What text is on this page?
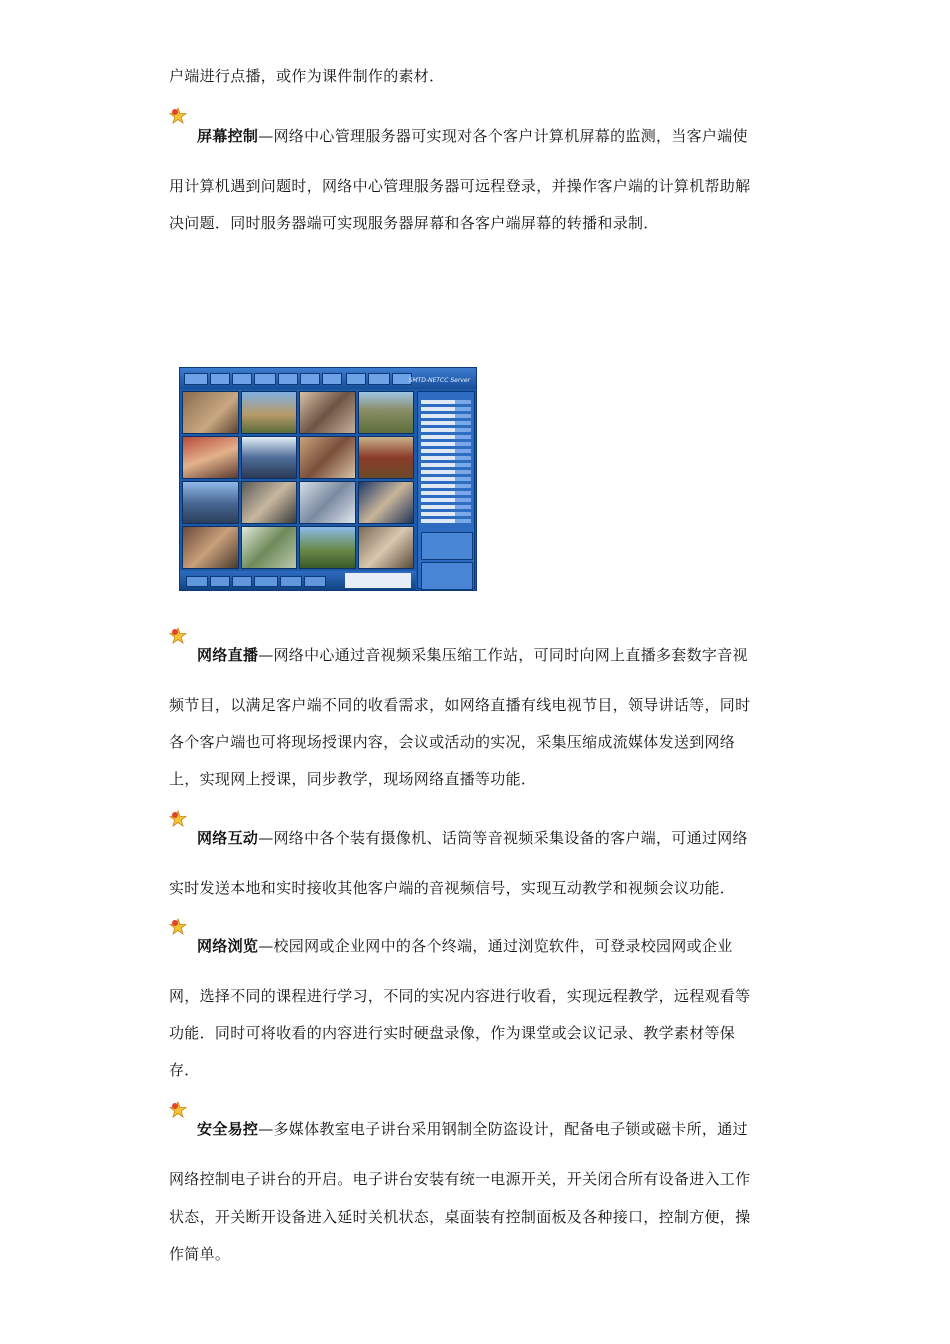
户端进行点播，或作为课件制作的素材．
屏幕控制—网络中心管理服务器可实现对各个客户计算机屏幕的监测，当客户端使
用计算机遇到问题时，网络中心管理服务器可远程登录，并操作客户端的计算机帮助解
决问题．同时服务器端可实现服务器屏幕和各客户端屏幕的转播和录制．
SMTD-NETCC Server
网络直播—网络中心通过音视频采集压缩工作站，可同时向网上直播多套数字音视
频节目，以满足客户端不同的收看需求，如网络直播有线电视节目，领导讲话等，同时
各个客户端也可将现场授课内容，会议或活动的实况，采集压缩成流媒体发送到网络
上，实现网上授课，同步教学，现场网络直播等功能．
网络互动—网络中各个装有摄像机、话筒等音视频采集设备的客户端，可通过网络
实时发送本地和实时接收其他客户端的音视频信号，实现互动教学和视频会议功能．
网络浏览—校园网或企业网中的各个终端，通过浏览软件，可登录校园网或企业
网，选择不同的课程进行学习，不同的实况内容进行收看，实现远程教学，远程观看等
功能．同时可将收看的内容进行实时硬盘录像，作为课堂或会议记录、教学素材等保
存．
安全易控—多媒体教室电子讲台采用钢制全防盗设计，配备电子锁或磁卡所，通过
网络控制电子讲台的开启。电子讲台安装有统一电源开关，开关闭合所有设备进入工作
状态，开关断开设备进入延时关机状态，桌面装有控制面板及各种接口，控制方便，操
作简单。
